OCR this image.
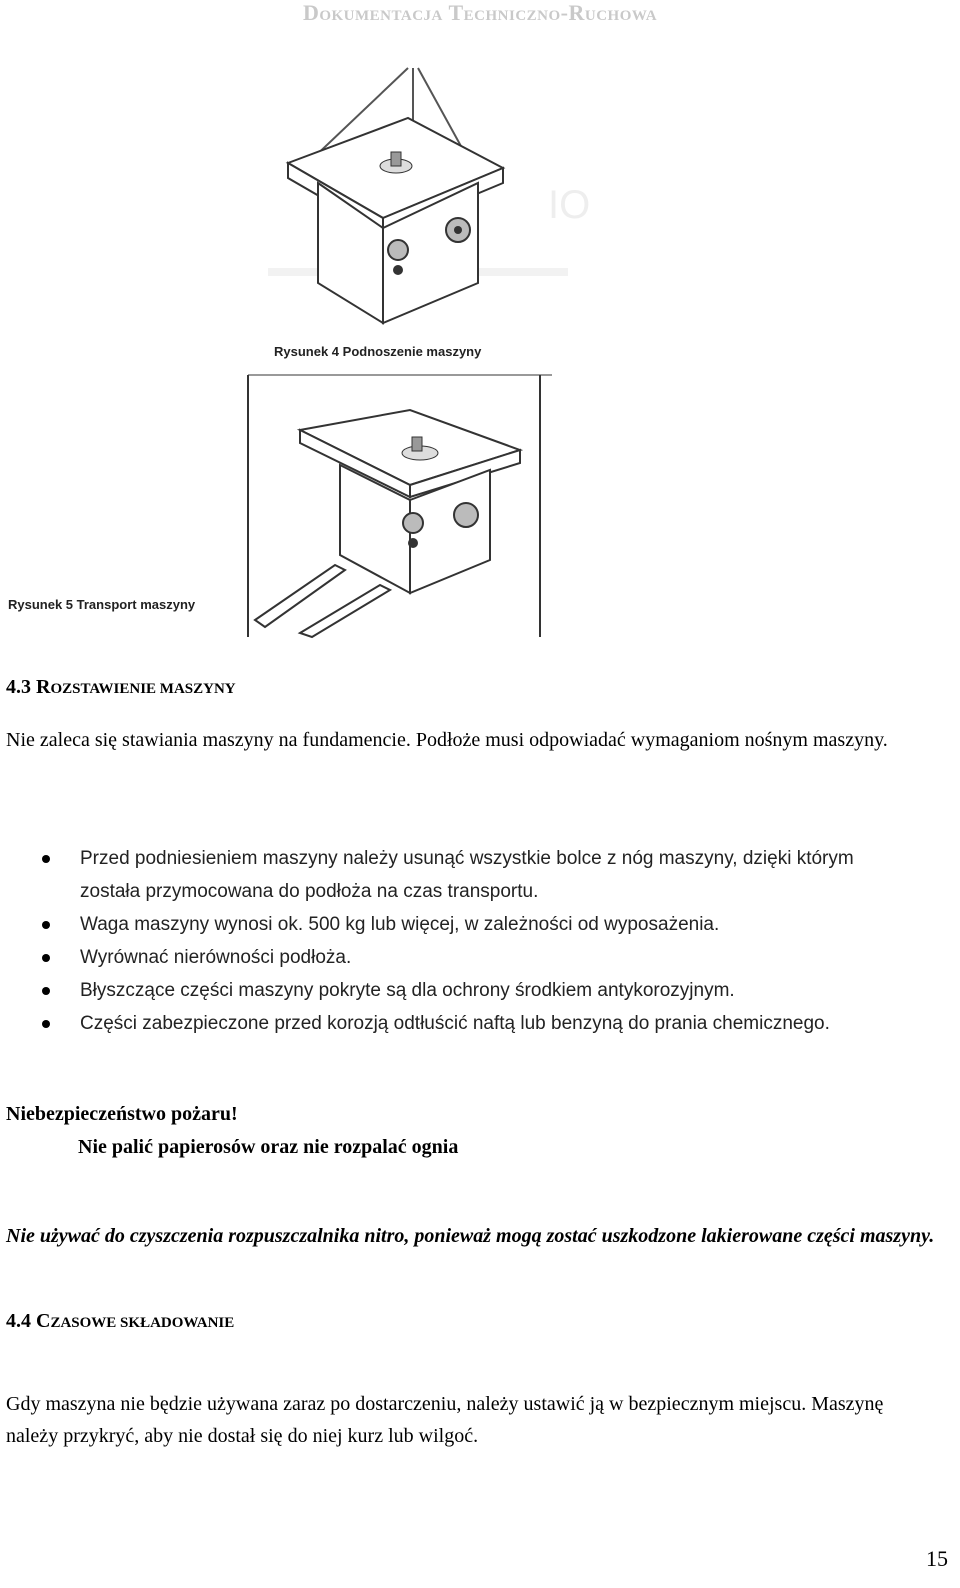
Dokumentacja Techniczno-Ruchowa
IO
Rysunek 4 Podnoszenie maszyny
Rysunek 5 Transport maszyny
4.3 ROZSTAWIENIE MASZYNY
Nie zaleca się stawiania maszyny na fundamencie. Podłoże musi odpowiadać wymaganiom nośnym maszyny.
Przed podniesieniem maszyny należy usunąć wszystkie bolce z nóg maszyny, dzięki którym została przymocowana do podłoża na czas transportu.
Waga maszyny wynosi ok. 500 kg lub więcej, w zależności od wyposażenia.
Wyrównać nierówności podłoża.
Błyszczące części maszyny pokryte są dla ochrony środkiem antykorozyjnym.
Części zabezpieczone przed korozją odtłuścić naftą lub benzyną do prania chemicznego.
Niebezpieczeństwo pożaru!
Nie palić papierosów oraz nie rozpalać ognia
Nie używać do czyszczenia rozpuszczalnika nitro, ponieważ mogą zostać uszkodzone lakierowane części maszyny.
4.4 CZASOWE SKŁADOWANIE
Gdy maszyna nie będzie używana zaraz po dostarczeniu, należy ustawić ją w bezpiecznym miejscu. Maszynę należy przykryć, aby nie dostał się do niej kurz lub wilgoć.
15
